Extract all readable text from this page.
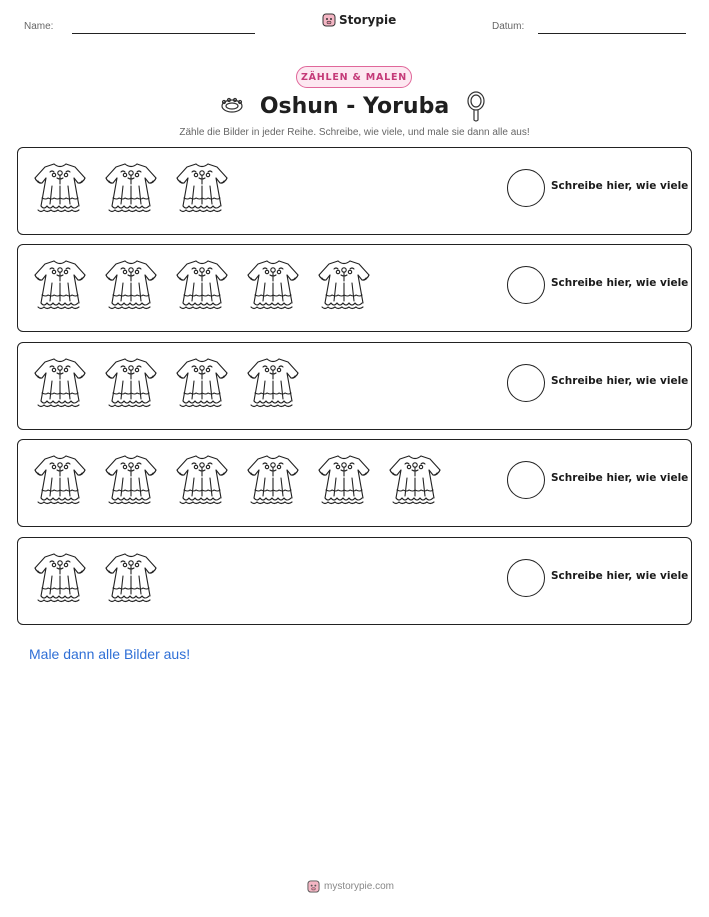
Name:	Storypie	Datum:
ZÄHLEN & MALEN
Oshun - Yoruba
Zähle die Bilder in jeder Reihe. Schreibe, wie viele, und male sie dann alle aus!
Schreibe hier, wie viele
Schreibe hier, wie viele
Schreibe hier, wie viele
Schreibe hier, wie viele
Schreibe hier, wie viele
Male dann alle Bilder aus!
mystorypie.com
